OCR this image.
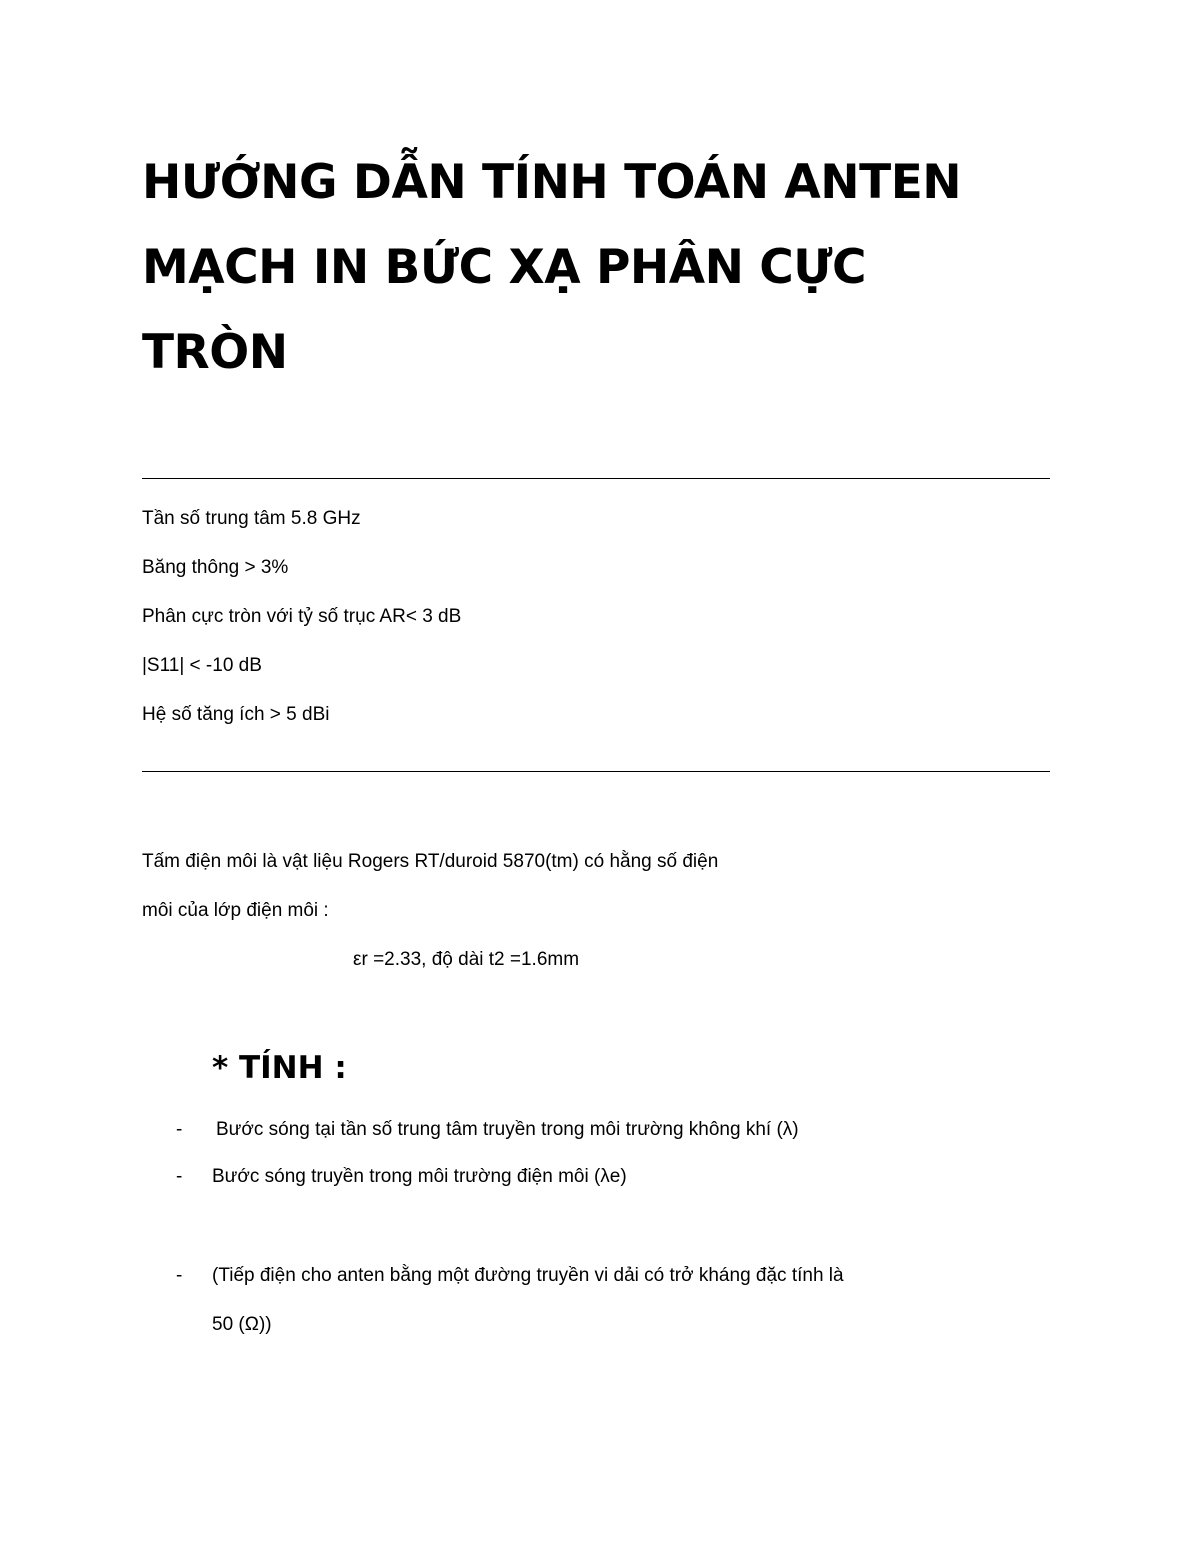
HƯỚNG DẪN TÍNH TOÁN ANTEN
MẠCH IN BỨC XẠ PHÂN CỰC
TRÒN
Tần số trung tâm 5.8 GHz
Băng thông > 3%
Phân cực tròn với tỷ số trục AR< 3 dB
|S11| < -10 dB
Hệ số tăng ích > 5 dBi
Tấm điện môi là vật liệu Rogers RT/duroid 5870(tm) có hằng số điện
môi của lớp điện môi :
εr =2.33, độ dài t2 =1.6mm
* TÍNH :
- Bước sóng tại tần số trung tâm truyền trong môi trường không khí (λ)
- Bước sóng truyền trong môi trường điện môi (λe)
- (Tiếp điện cho anten bằng một đường truyền vi dải có trở kháng đặc tính là
50 (Ω))
